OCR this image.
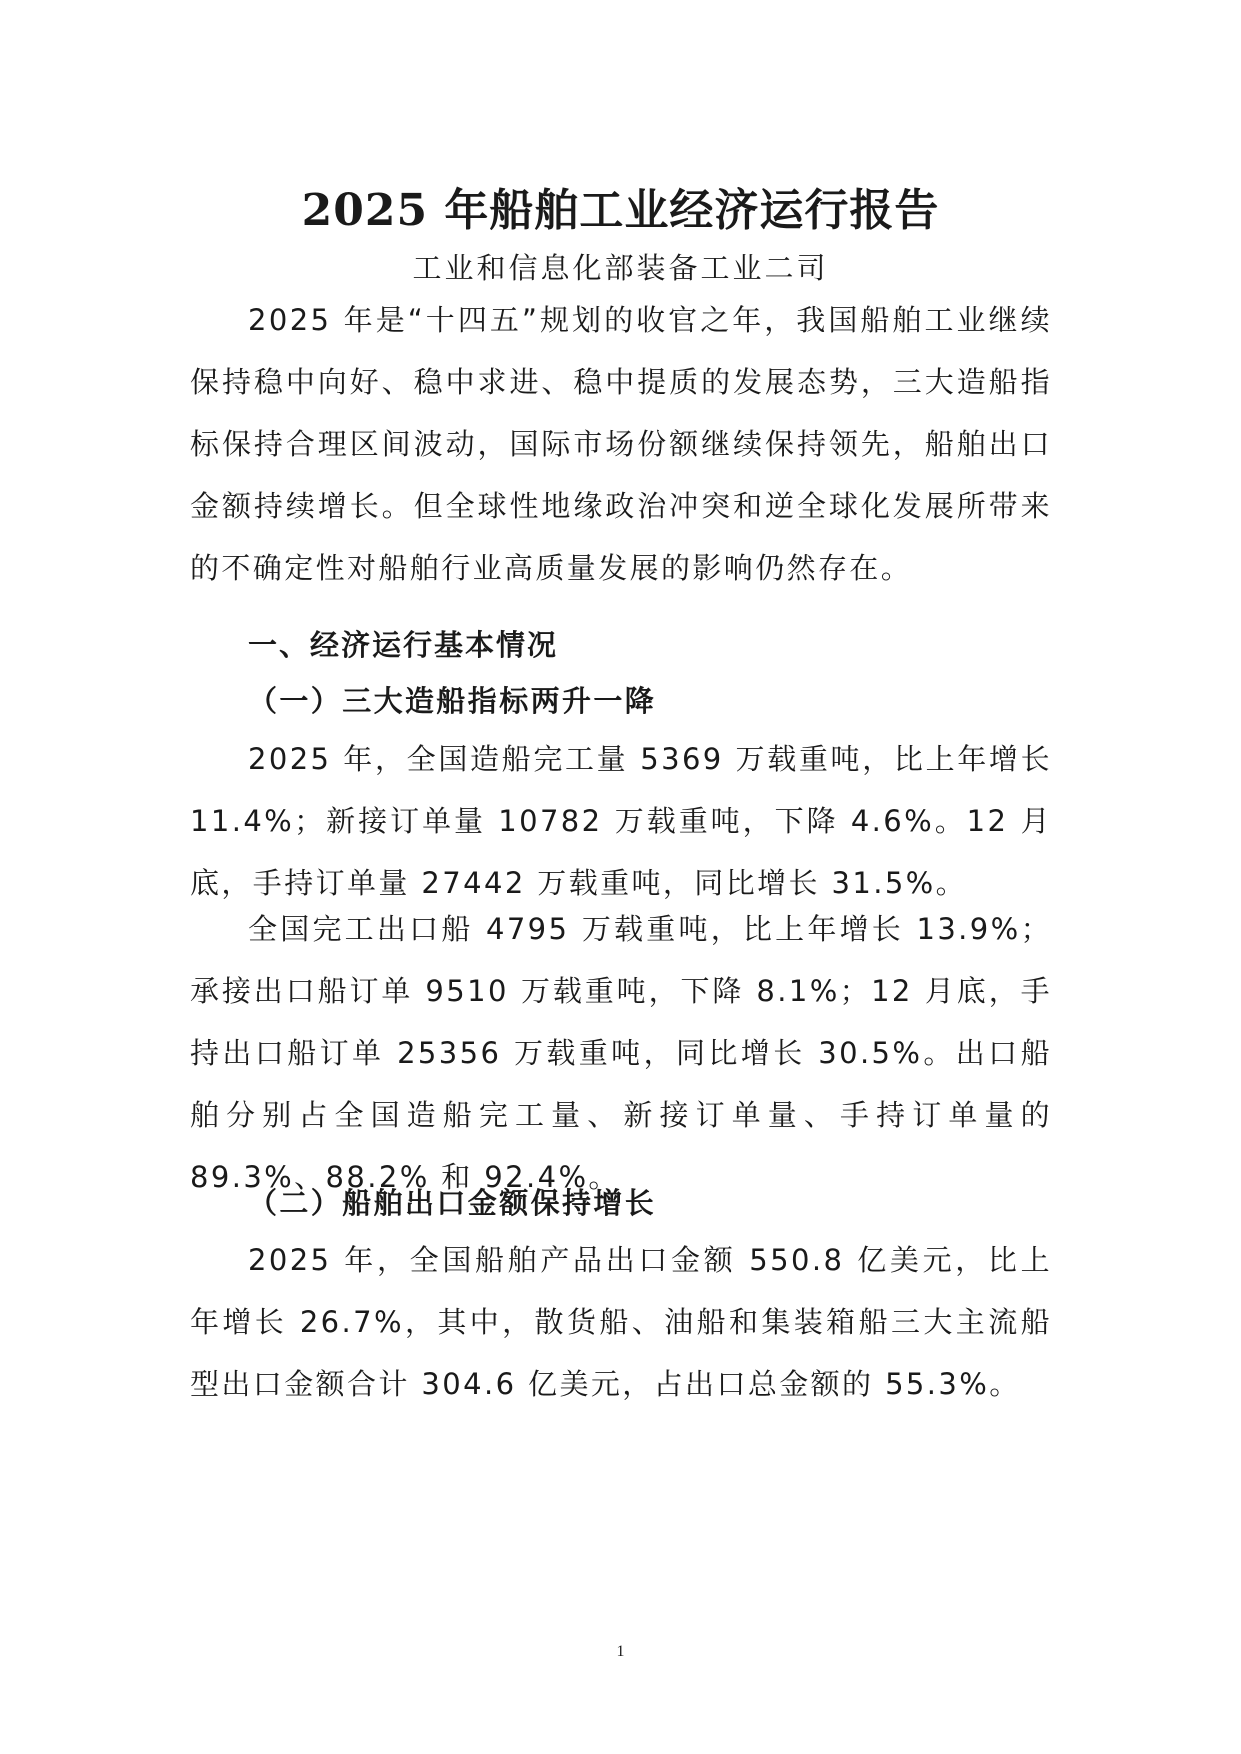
2025 年船舶工业经济运行报告
工业和信息化部装备工业二司

2025 年是“十四五”规划的收官之年，我国船舶工业继续保持稳中向好、稳中求进、稳中提质的发展态势，三大造船指标保持合理区间波动，国际市场份额继续保持领先，船舶出口金额持续增长。但全球性地缘政治冲突和逆全球化发展所带来的不确定性对船舶行业高质量发展的影响仍然存在。

一、经济运行基本情况
（一）三大造船指标两升一降

2025 年，全国造船完工量 5369 万载重吨，比上年增长 11.4%；新接订单量 10782 万载重吨，下降 4.6%。12 月底，手持订单量 27442 万载重吨，同比增长 31.5%。

全国完工出口船 4795 万载重吨，比上年增长 13.9%；承接出口船订单 9510 万载重吨，下降 8.1%；12 月底，手持出口船订单 25356 万载重吨，同比增长 30.5%。出口船舶分别占全国造船完工量、新接订单量、手持订单量的 89.3%、88.2% 和 92.4%。

（二）船舶出口金额保持增长

2025 年，全国船舶产品出口金额 550.8 亿美元，比上年增长 26.7%，其中，散货船、油船和集装箱船三大主流船型出口金额合计 304.6 亿美元，占出口总金额的 55.3%。

1
